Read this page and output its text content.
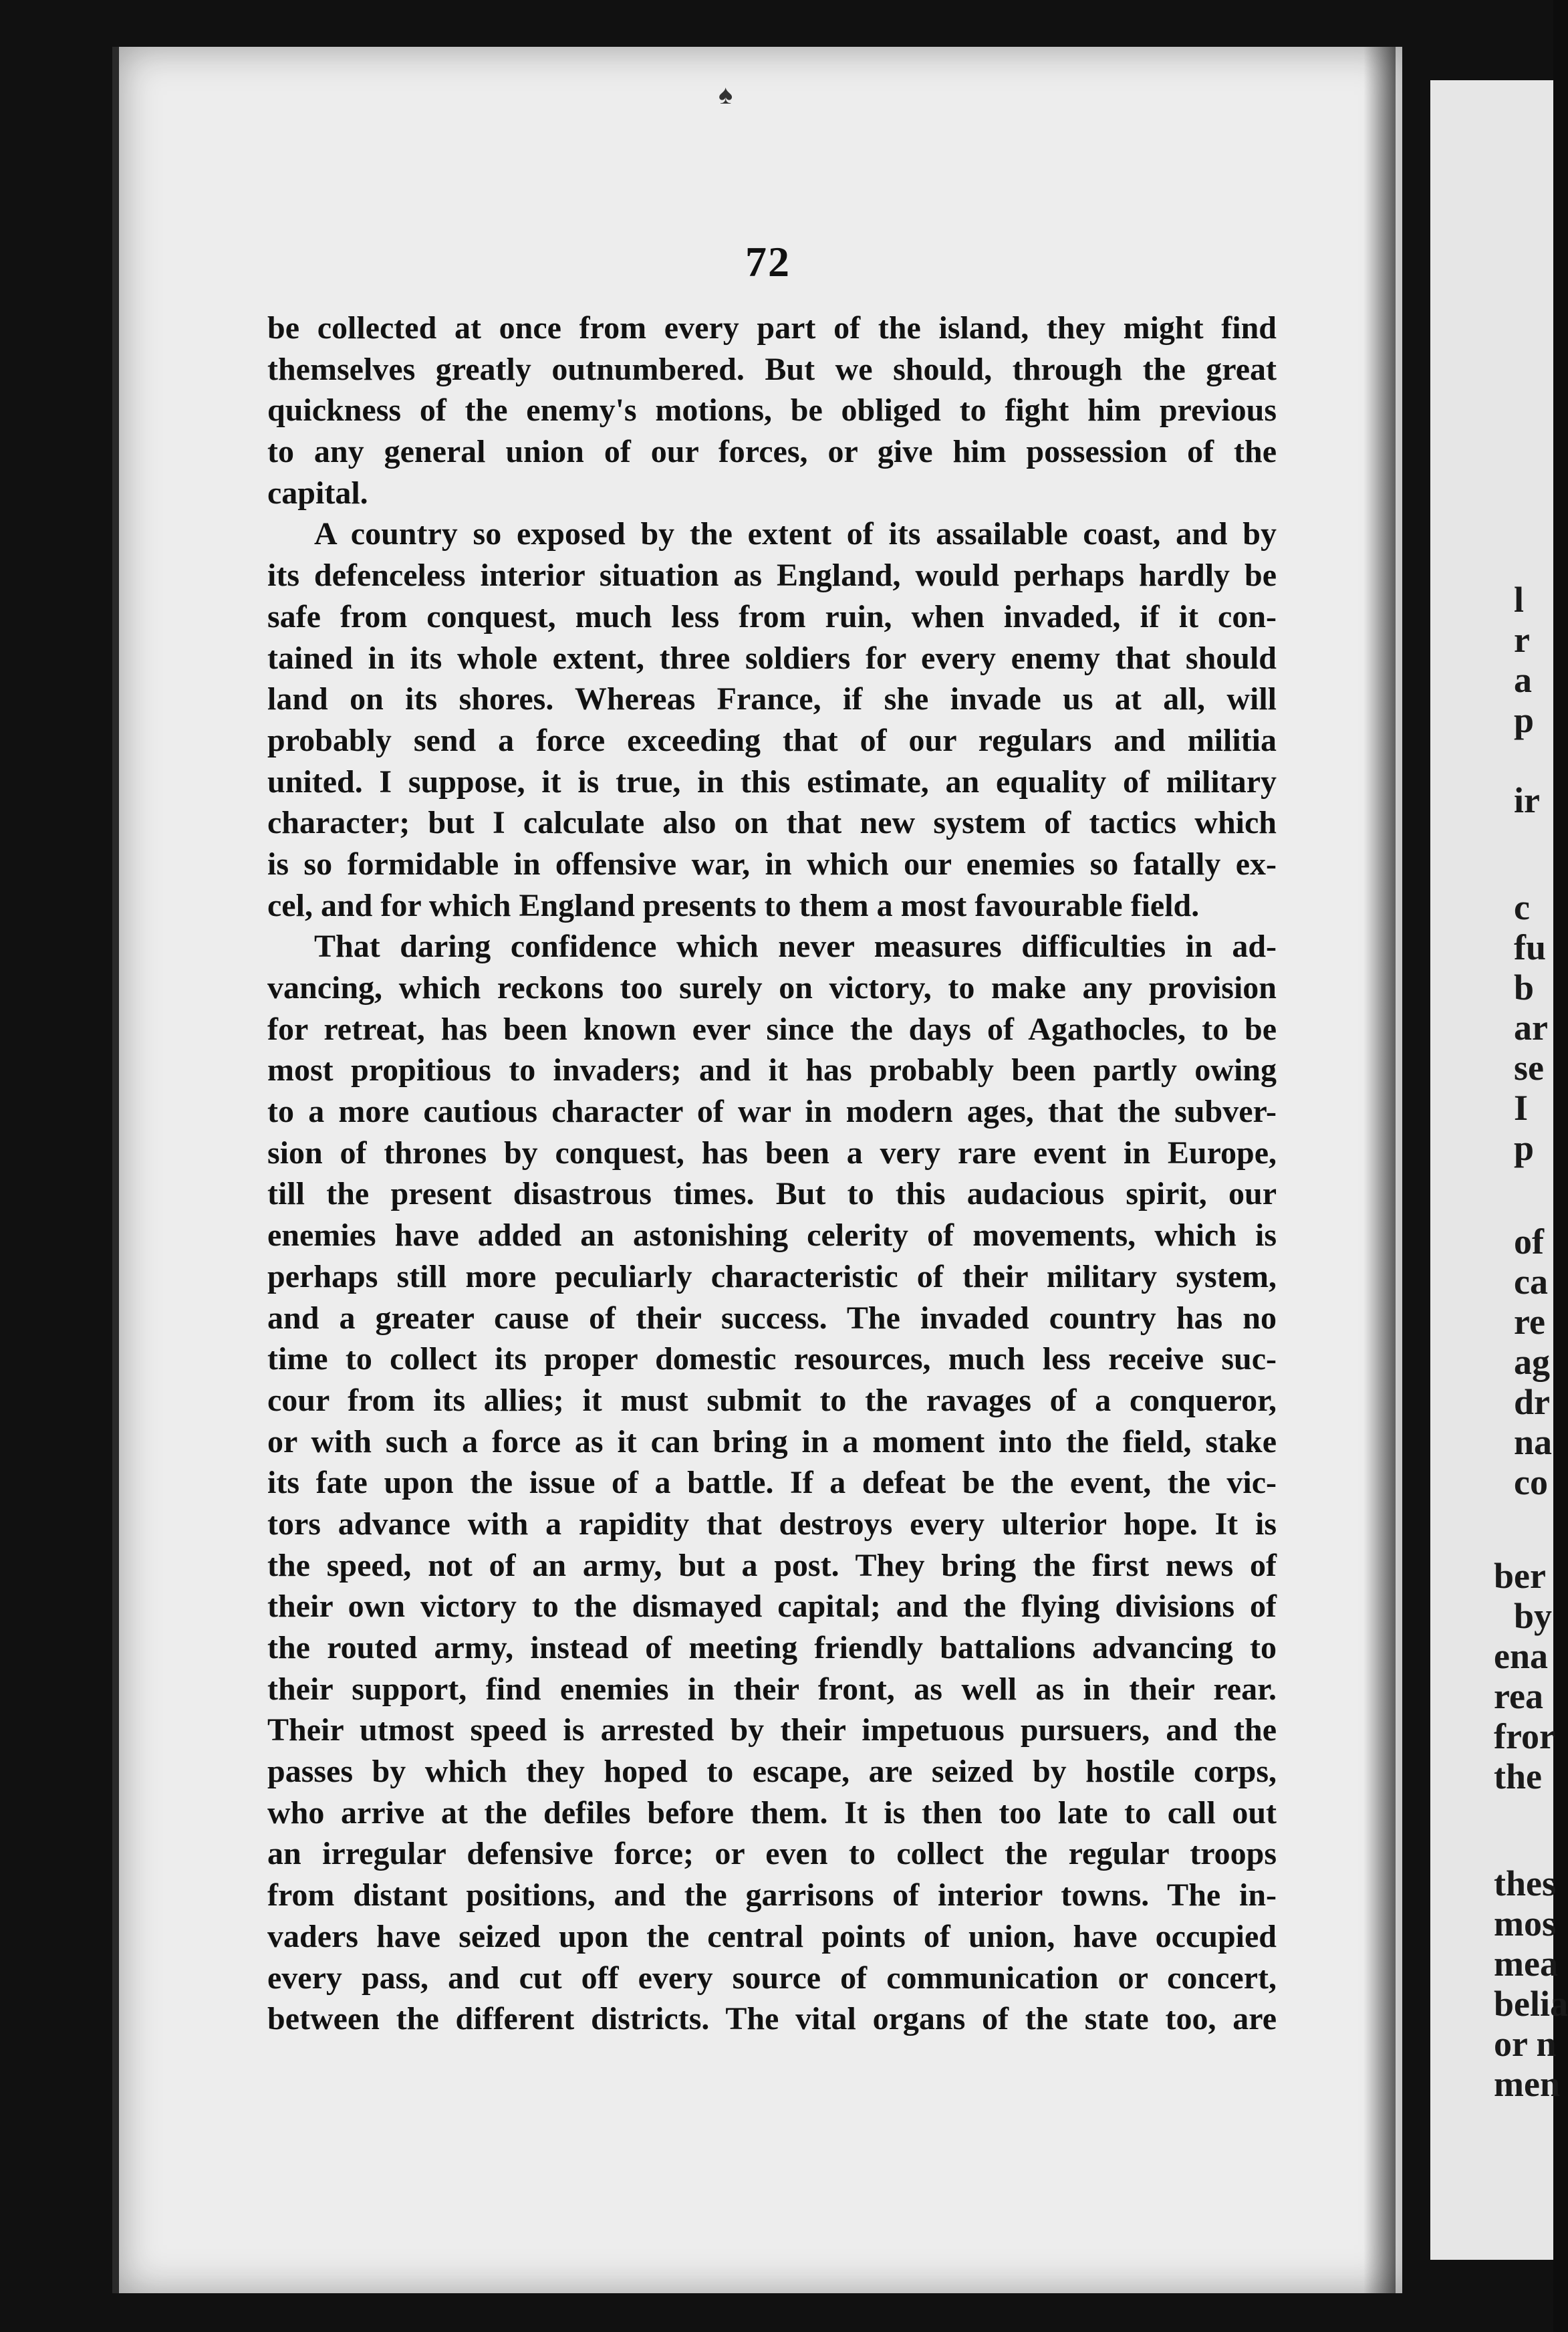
l
r
a
p
ir
c
fu
b
ar
se
I
p
of
ca
re
ag
dr
na
co
ber
by
ena
rea
fror
the
thes
mos
mea
belia
or n
men
♠
72
be collected at once from every part of the island, they might find
themselves greatly outnumbered. But we should, through the great
quickness of the enemy's motions, be obliged to fight him previous
to any general union of our forces, or give him possession of the
capital.
A country so exposed by the extent of its assailable coast, and by
its defenceless interior situation as England, would perhaps hardly be
safe from conquest, much less from ruin, when invaded, if it con-
tained in its whole extent, three soldiers for every enemy that should
land on its shores. Whereas France, if she invade us at all, will
probably send a force exceeding that of our regulars and militia
united. I suppose, it is true, in this estimate, an equality of military
character; but I calculate also on that new system of tactics which
is so formidable in offensive war, in which our enemies so fatally ex-
cel, and for which England presents to them a most favourable field.
That daring confidence which never measures difficulties in ad-
vancing, which reckons too surely on victory, to make any provision
for retreat, has been known ever since the days of Agathocles, to be
most propitious to invaders; and it has probably been partly owing
to a more cautious character of war in modern ages, that the subver-
sion of thrones by conquest, has been a very rare event in Europe,
till the present disastrous times. But to this audacious spirit, our
enemies have added an astonishing celerity of movements, which is
perhaps still more peculiarly characteristic of their military system,
and a greater cause of their success. The invaded country has no
time to collect its proper domestic resources, much less receive suc-
cour from its allies; it must submit to the ravages of a conqueror,
or with such a force as it can bring in a moment into the field, stake
its fate upon the issue of a battle. If a defeat be the event, the vic-
tors advance with a rapidity that destroys every ulterior hope. It is
the speed, not of an army, but a post. They bring the first news of
their own victory to the dismayed capital; and the flying divisions of
the routed army, instead of meeting friendly battalions advancing to
their support, find enemies in their front, as well as in their rear.
Their utmost speed is arrested by their impetuous pursuers, and the
passes by which they hoped to escape, are seized by hostile corps,
who arrive at the defiles before them. It is then too late to call out
an irregular defensive force; or even to collect the regular troops
from distant positions, and the garrisons of interior towns. The in-
vaders have seized upon the central points of union, have occupied
every pass, and cut off every source of communication or concert,
between the different districts. The vital organs of the state too, are
